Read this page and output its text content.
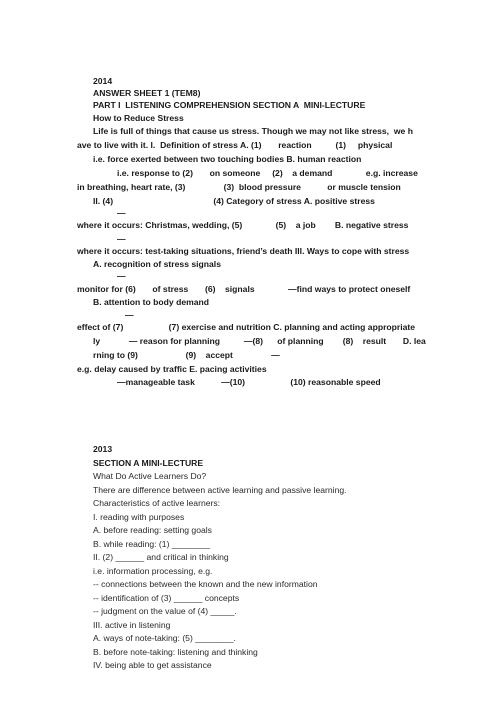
2014
ANSWER SHEET 1 (TEM8)
PART I  LISTENING COMPREHENSION SECTION A  MINI-LECTURE
How to Reduce Stress
Life is full of things that cause us stress. Though we may not like stress,  we h
ave to live with it. I.  Definition of stress A. (1)       reaction          (1)     physical
i.e. force exerted between two touching bodies B. human reaction
i.e. response to (2)       on someone     (2)    a demand              e.g. increase
in breathing, heart rate, (3)                (3)  blood pressure           or muscle tension
II. (4)                                          (4) Category of stress A. positive stress
—
where it occurs: Christmas, wedding, (5)              (5)    a job        B. negative stress
—
where it occurs: test-taking situations, friend’s death III. Ways to cope with stress
A. recognition of stress signals
—
monitor for (6)       of stress       (6)    signals              —find ways to protect oneself
B. attention to body demand
—
effect of (7)                   (7) exercise and nutrition C. planning and acting appropriate
ly            — reason for planning          —(8)      of planning        (8)    result       D. lea
rning to (9)                    (9)    accept                —
e.g. delay caused by traffic E. pacing activities
—manageable task           —(10)                   (10) reasonable speed
2013
SECTION A MINI-LECTURE
What Do Active Learners Do?
There are difference between active learning and passive learning.
Characteristics of active learners:
I. reading with purposes
A. before reading: setting goals
B. while reading: (1) ________
II. (2) ______ and critical in thinking
i.e. information processing, e.g.
-- connections between the known and the new information
-- identification of (3) ______ concepts
-- judgment on the value of (4) _____.
III. active in listening
A. ways of note-taking: (5) ________.
B. before note-taking: listening and thinking
IV. being able to get assistance
